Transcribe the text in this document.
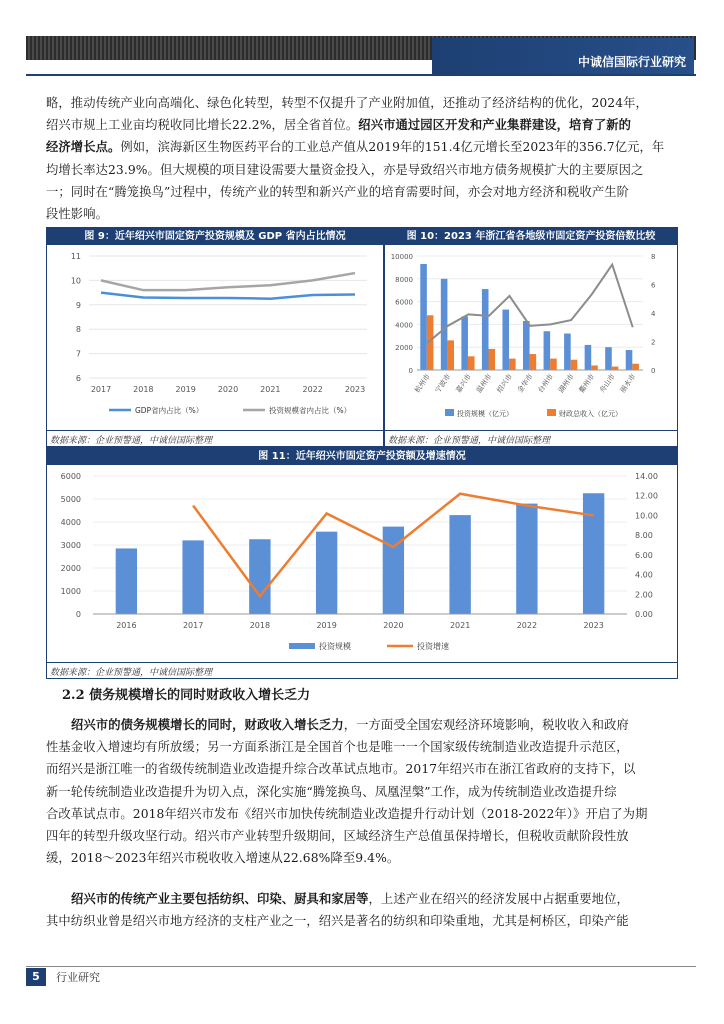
中诚信国际行业研究
略，推动传统产业向高端化、绿色化转型，转型不仅提升了产业附加值，还推动了经济结构的优化，2024年，
绍兴市规上工业亩均税收同比增长22.2%，居全省首位。绍兴市通过园区开发和产业集群建设，培育了新的
经济增长点。例如，滨海新区生物医药平台的工业总产值从2019年的151.4亿元增长至2023年的356.7亿元，年
均增长率达23.9%。但大规模的项目建设需要大量资金投入，亦是导致绍兴市地方债务规模扩大的主要原因之
一；同时在“腾笼换鸟”过程中，传统产业的转型和新兴产业的培育需要时间，亦会对地方经济和税收产生阶
段性影响。
图 9：近年绍兴市固定资产投资规模及 GDP 省内占比情况
6
7
8
9
10
11
2017	2018	2019	2020	2021	2022	2023
GDP省内占比（%）	投资规模省内占比（%）
数据来源：企业预警通，中诚信国际整理
图 10：2023 年浙江省各地级市固定资产投资倍数比较
0
2000
4000
6000
8000
10000
0
2
4
6
8
杭州市 宁波市 嘉兴市 温州市 绍兴市 金华市 台州市 湖州市 衢州市 舟山市 丽水市
投资规模（亿元）	财政总收入（亿元）
数据来源：企业预警通，中诚信国际整理
图 11：近年绍兴市固定资产投资额及增速情况
0
1000
2000
3000
4000
5000
6000
0.00
2.00
4.00
6.00
8.00
10.00
12.00
14.00
2016	2017	2018	2019	2020	2021	2022	2023
投资规模	投资增速
数据来源：企业预警通，中诚信国际整理
2.2 债务规模增长的同时财政收入增长乏力
绍兴市的债务规模增长的同时，财政收入增长乏力，一方面受全国宏观经济环境影响，税收收入和政府
性基金收入增速均有所放缓；另一方面系浙江是全国首个也是唯一一个国家级传统制造业改造提升示范区，
而绍兴是浙江唯一的省级传统制造业改造提升综合改革试点地市。2017年绍兴市在浙江省政府的支持下，以
新一轮传统制造业改造提升为切入点，深化实施“腾笼换鸟、凤凰涅槃”工作，成为传统制造业改造提升综
合改革试点市。2018年绍兴市发布《绍兴市加快传统制造业改造提升行动计划（2018-2022年）》开启了为期
四年的转型升级攻坚行动。绍兴市产业转型升级期间，区域经济生产总值虽保持增长，但税收贡献阶段性放
缓，2018～2023年绍兴市税收收入增速从22.68%降至9.4%。
绍兴市的传统产业主要包括纺织、印染、厨具和家居等，上述产业在绍兴的经济发展中占据重要地位，
其中纺织业曾是绍兴市地方经济的支柱产业之一，绍兴是著名的纺织和印染重地，尤其是柯桥区，印染产能
5	行业研究
